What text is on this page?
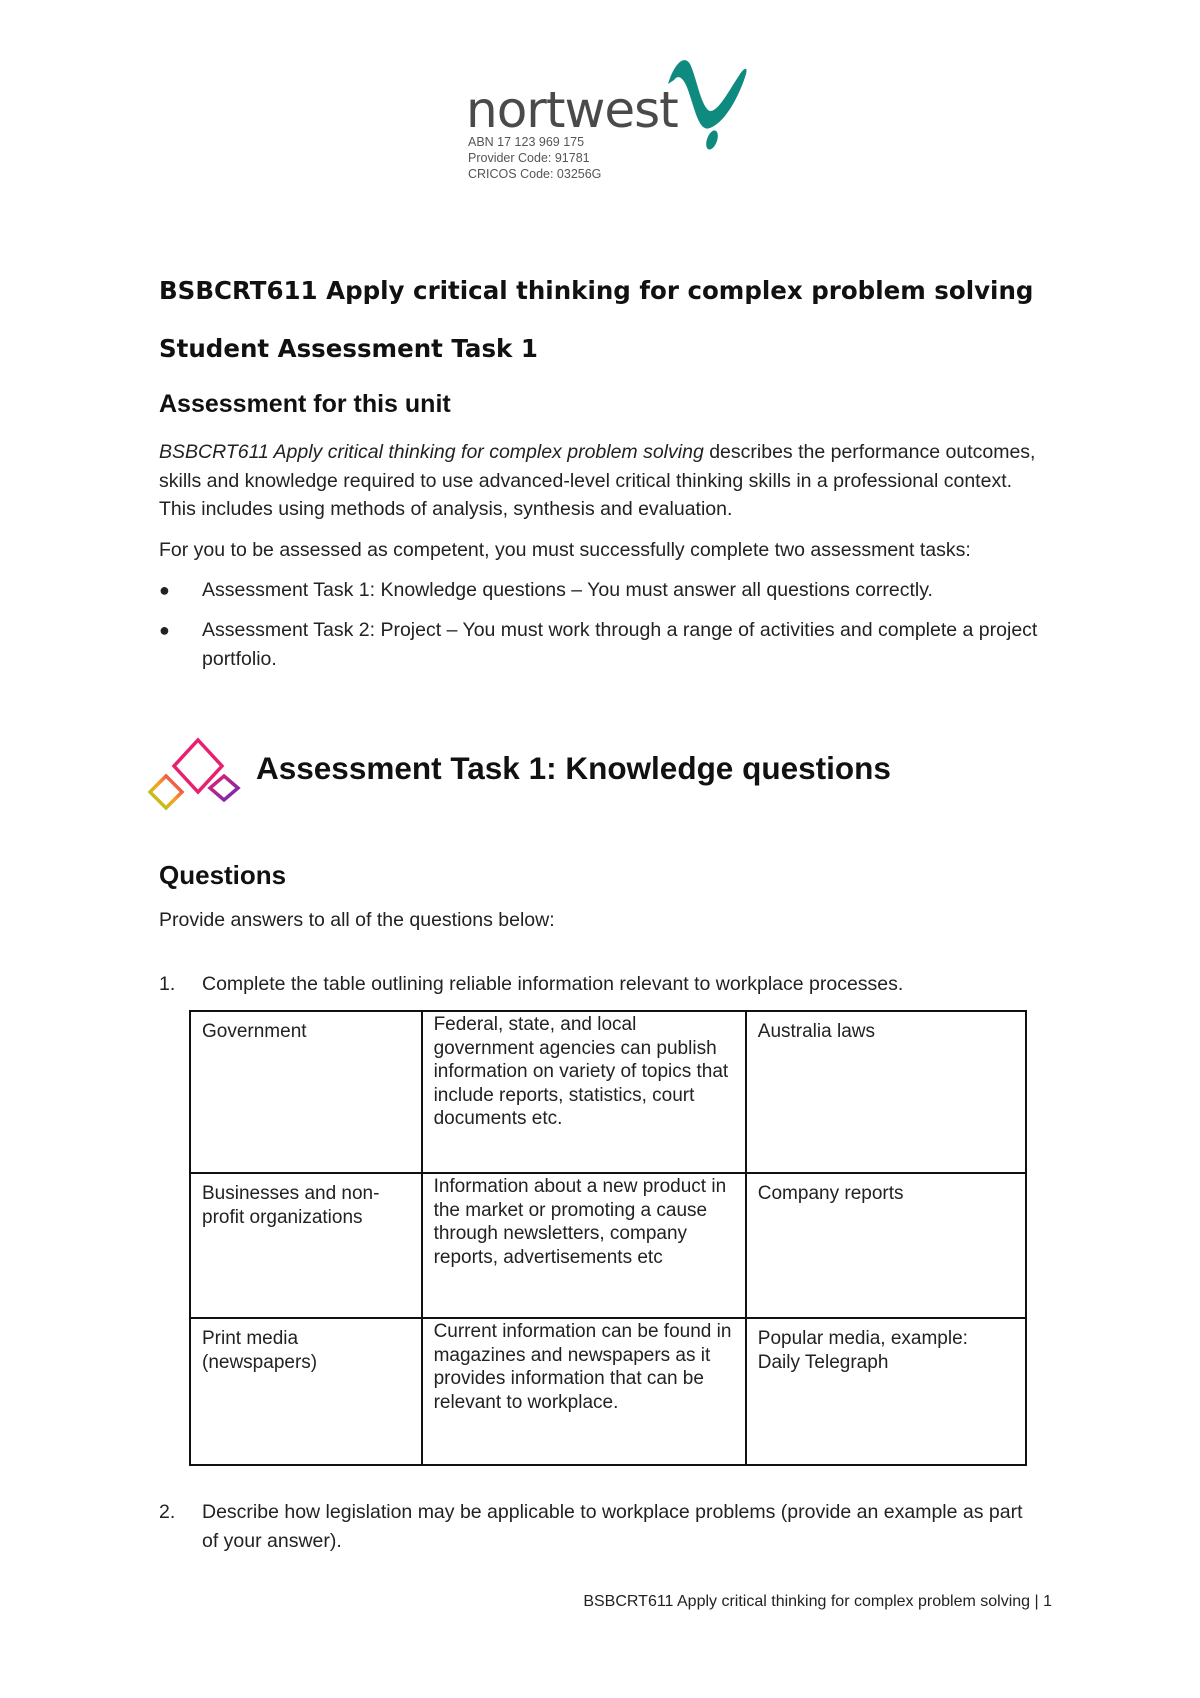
nortwest
ABN 17 123 969 175
Provider Code: 91781
CRICOS Code: 03256G
BSBCRT611 Apply critical thinking for complex problem solving
Student Assessment Task 1
Assessment for this unit
BSBCRT611 Apply critical thinking for complex problem solving describes the performance outcomes, skills and knowledge required to use advanced-level critical thinking skills in a professional context. This includes using methods of analysis, synthesis and evaluation.
For you to be assessed as competent, you must successfully complete two assessment tasks:
●	Assessment Task 1: Knowledge questions – You must answer all questions correctly.
●	Assessment Task 2: Project – You must work through a range of activities and complete a project portfolio.
Assessment Task 1: Knowledge questions
Questions
Provide answers to all of the questions below:
1. Complete the table outlining reliable information relevant to workplace processes.
Government	Federal, state, and local government agencies can publish information on variety of topics that include reports, statistics, court documents etc.	Australia laws
Businesses and non-profit organizations	Information about a new product in the market or promoting a cause through newsletters, company reports, advertisements etc	Company reports
Print media (newspapers)	Current information can be found in magazines and newspapers as it provides information that can be relevant to workplace.	Popular media, example: Daily Telegraph
2. Describe how legislation may be applicable to workplace problems (provide an example as part of your answer).
BSBCRT611 Apply critical thinking for complex problem solving | 1
